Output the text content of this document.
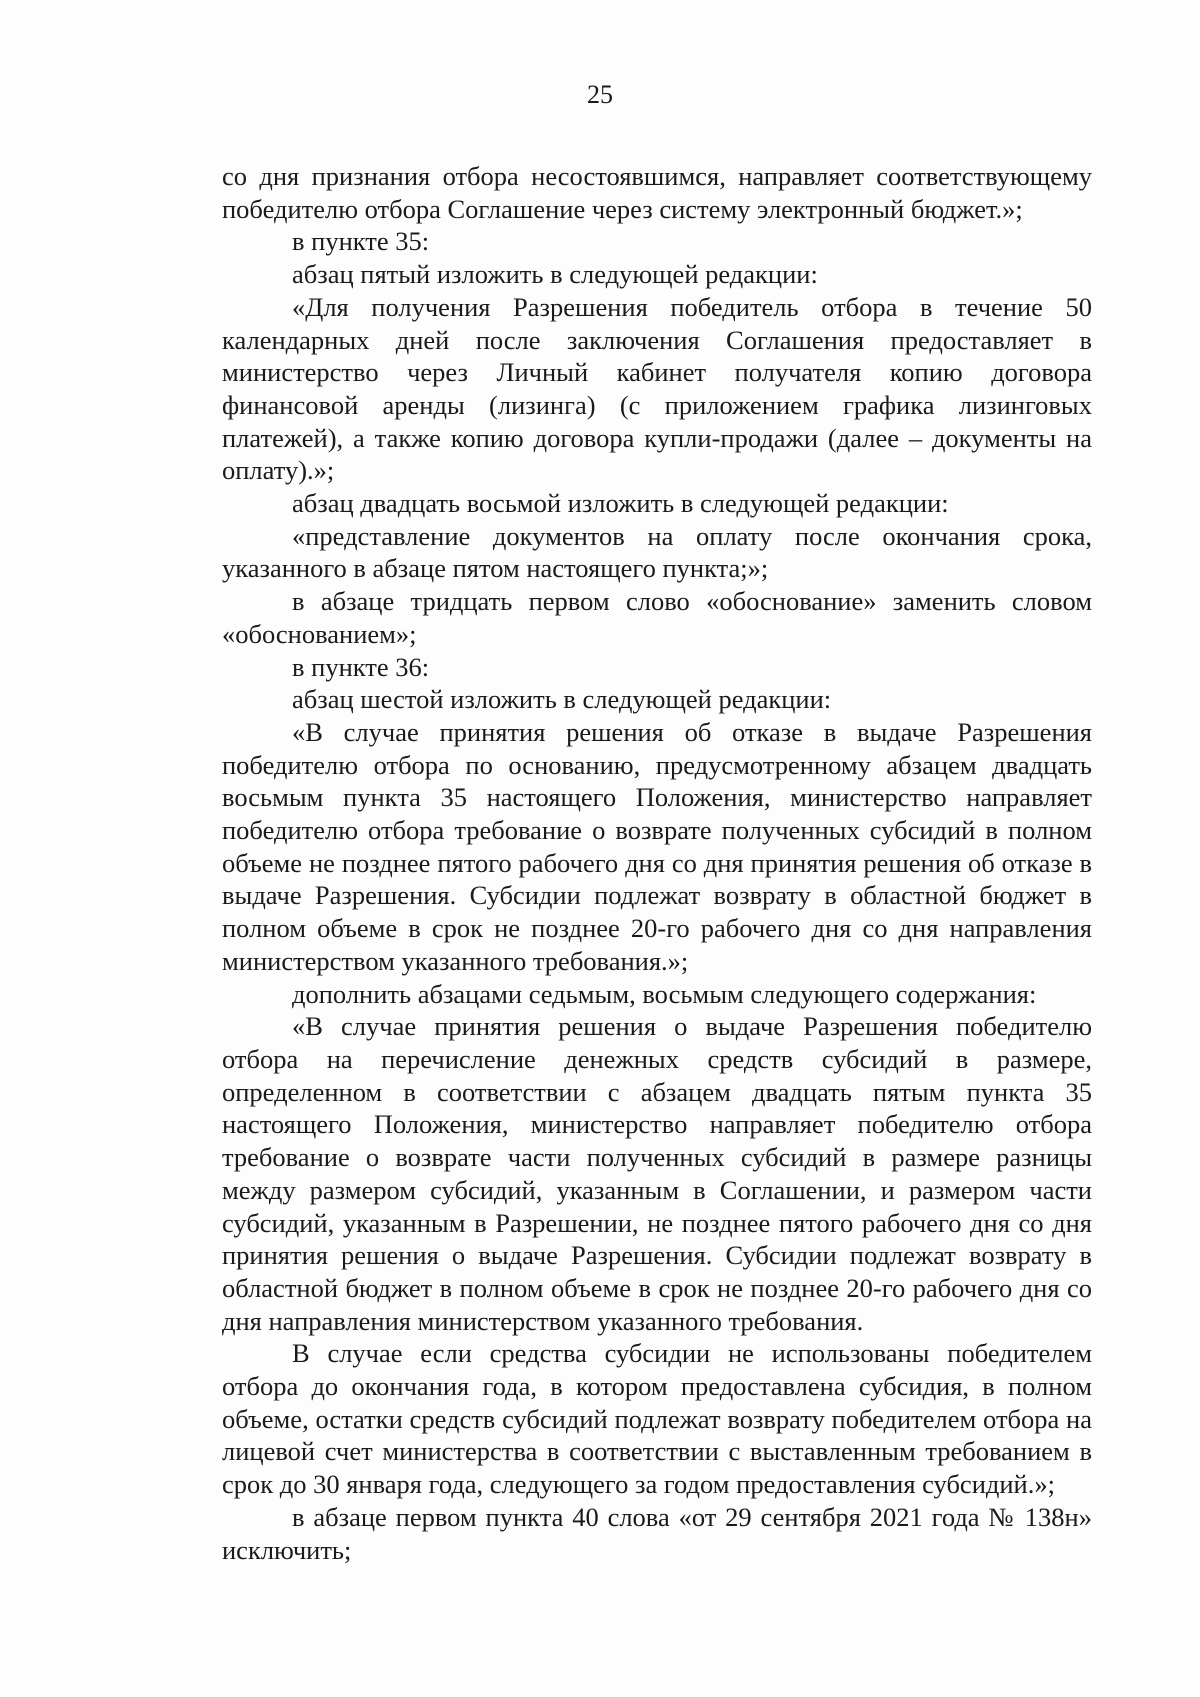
25

со дня признания отбора несостоявшимся, направляет соответствующему победителю отбора Соглашение через систему электронный бюджет.»;

в пункте 35:

абзац пятый изложить в следующей редакции:

«Для получения Разрешения победитель отбора в течение 50 календарных дней после заключения Соглашения предоставляет в министерство через Личный кабинет получателя копию договора финансовой аренды (лизинга) (с приложением графика лизинговых платежей), а также копию договора купли-продажи (далее – документы на оплату).»;

абзац двадцать восьмой изложить в следующей редакции:

«представление документов на оплату после окончания срока, указанного в абзаце пятом настоящего пункта;»;

в абзаце тридцать первом слово «обоснование» заменить словом «обоснованием»;

в пункте 36:

абзац шестой изложить в следующей редакции:

«В случае принятия решения об отказе в выдаче Разрешения победителю отбора по основанию, предусмотренному абзацем двадцать восьмым пункта 35 настоящего Положения, министерство направляет победителю отбора требование о возврате полученных субсидий в полном объеме не позднее пятого рабочего дня со дня принятия решения об отказе в выдаче Разрешения. Субсидии подлежат возврату в областной бюджет в полном объеме в срок не позднее 20-го рабочего дня со дня направления министерством указанного требования.»;

дополнить абзацами седьмым, восьмым следующего содержания:

«В случае принятия решения о выдаче Разрешения победителю отбора на перечисление денежных средств субсидий в размере, определенном в соответствии с абзацем двадцать пятым пункта 35 настоящего Положения, министерство направляет победителю отбора требование о возврате части полученных субсидий в размере разницы между размером субсидий, указанным в Соглашении, и размером части субсидий, указанным в Разрешении, не позднее пятого рабочего дня со дня принятия решения о выдаче Разрешения. Субсидии подлежат возврату в областной бюджет в полном объеме в срок не позднее 20-го рабочего дня со дня направления министерством указанного требования.

В случае если средства субсидии не использованы победителем отбора до окончания года, в котором предоставлена субсидия, в полном объеме, остатки средств субсидий подлежат возврату победителем отбора на лицевой счет министерства в соответствии с выставленным требованием в срок до 30 января года, следующего за годом предоставления субсидий.»;

в абзаце первом пункта 40 слова «от 29 сентября 2021 года № 138н» исключить;
